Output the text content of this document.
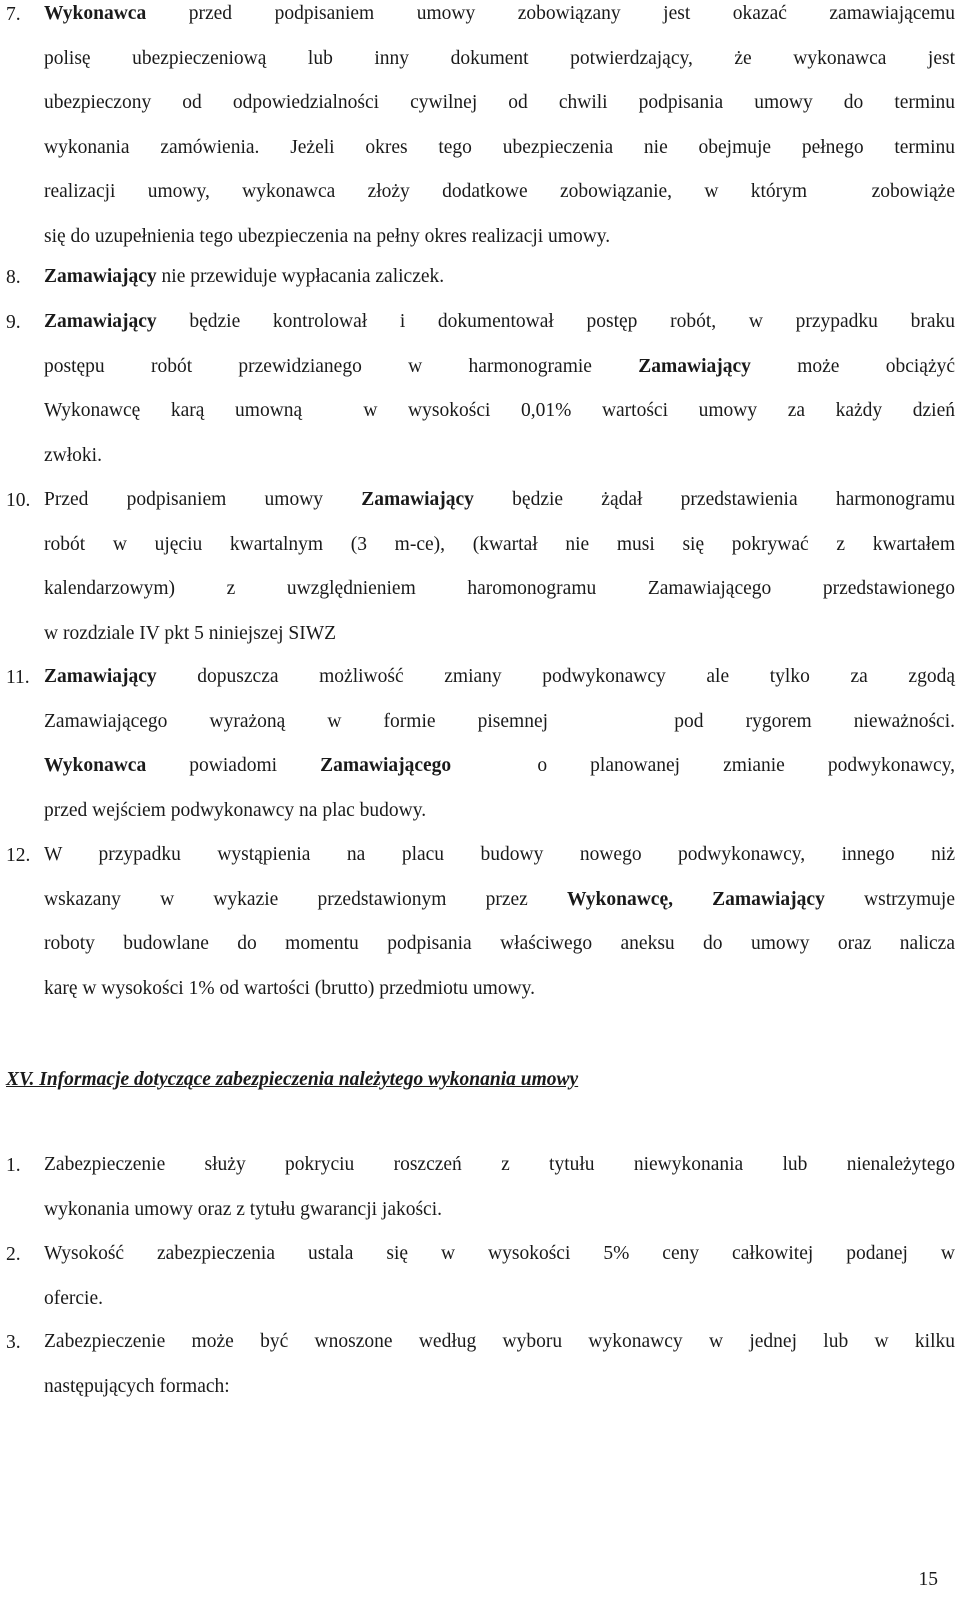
7. Wykonawca przed podpisaniem umowy zobowiązany jest okazać zamawiającemu
polisę ubezpieczeniową lub inny dokument potwierdzający, że wykonawca jest
ubezpieczony od odpowiedzialności cywilnej od chwili podpisania umowy do terminu
wykonania zamówienia. Jeżeli okres tego ubezpieczenia nie obejmuje pełnego terminu
realizacji umowy, wykonawca złoży dodatkowe zobowiązanie, w którym  zobowiąże
się do uzupełnienia tego ubezpieczenia na pełny okres realizacji umowy.
8. Zamawiający nie przewiduje wypłacania zaliczek.
9. Zamawiający będzie kontrolował i dokumentował postęp robót, w przypadku braku
postępu robót przewidzianego w harmonogramie Zamawiający może obciążyć
Wykonawcę karą umowną  w wysokości 0,01% wartości umowy za każdy dzień
zwłoki.
10. Przed podpisaniem umowy Zamawiający będzie żądał przedstawienia harmonogramu
robót w ujęciu kwartalnym (3 m-ce), (kwartał nie musi się pokrywać z kwartałem
kalendarzowym) z uwzględnieniem haromonogramu Zamawiającego przedstawionego
w rozdziale IV pkt 5 niniejszej SIWZ
11. Zamawiający dopuszcza możliwość zmiany podwykonawcy ale tylko za zgodą
Zamawiającego wyrażoną w formie pisemnej   pod rygorem nieważności.
Wykonawca powiadomi Zamawiającego  o planowanej zmianie podwykonawcy,
przed wejściem podwykonawcy na plac budowy.
12. W przypadku wystąpienia na placu budowy nowego podwykonawcy, innego niż
wskazany w wykazie przedstawionym przez Wykonawcę, Zamawiający wstrzymuje
roboty budowlane do momentu podpisania właściwego aneksu do umowy oraz nalicza
karę w wysokości 1% od wartości (brutto) przedmiotu umowy.
XV. Informacje dotyczące zabezpieczenia należytego wykonania umowy
1. Zabezpieczenie służy pokryciu roszczeń z tytułu niewykonania lub nienależytego
wykonania umowy oraz z tytułu gwarancji jakości.
2. Wysokość zabezpieczenia ustala się w wysokości 5% ceny całkowitej podanej w
ofercie.
3. Zabezpieczenie może być wnoszone według wyboru wykonawcy w jednej lub w kilku
następujących formach:
15
